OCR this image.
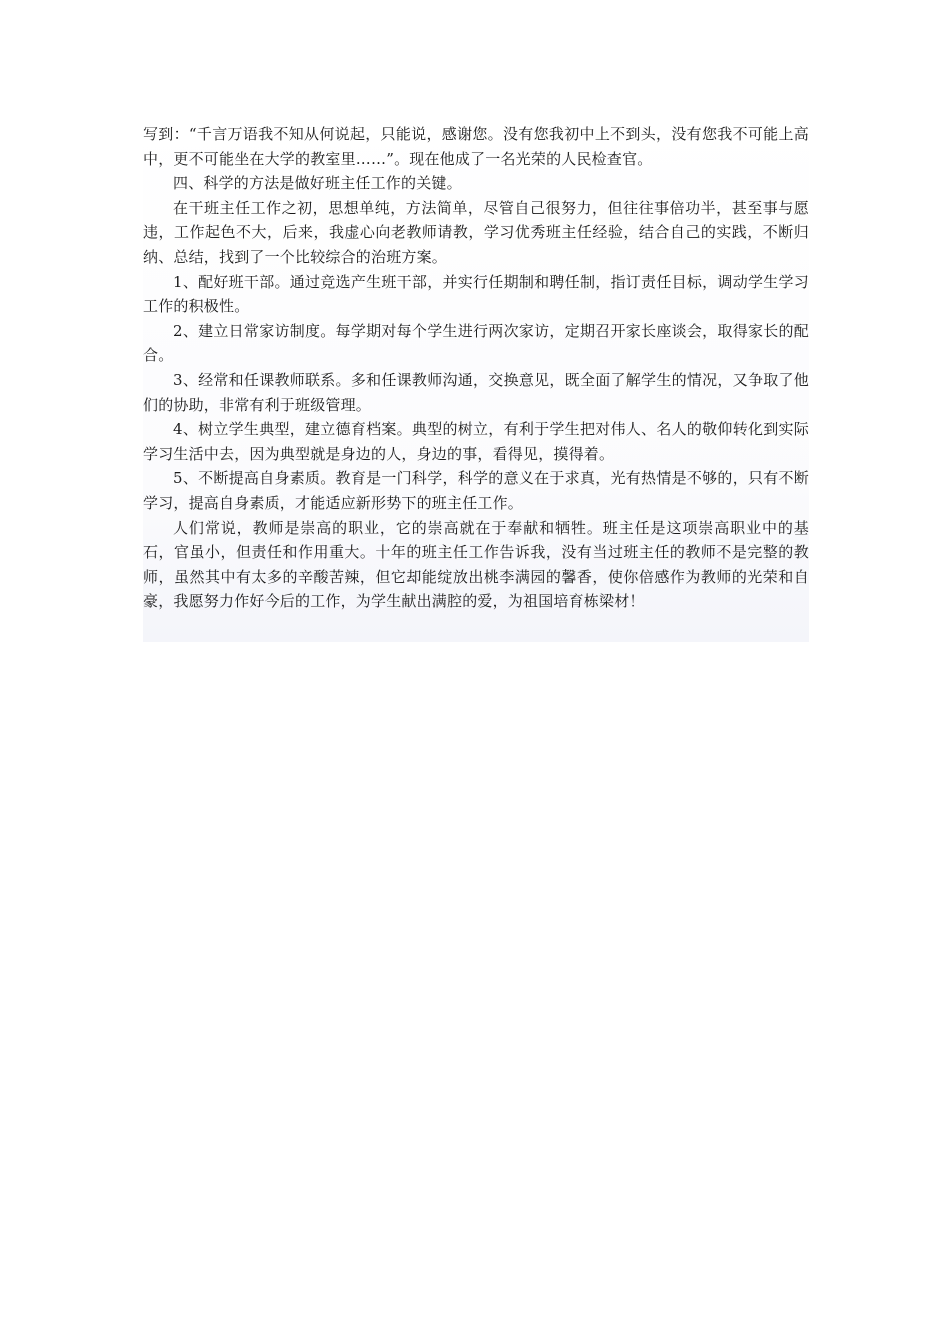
写到：“千言万语我不知从何说起，只能说，感谢您。没有您我初中上不到头，没有您我不可能上高中，更不可能坐在大学的教室里……”。现在他成了一名光荣的人民检查官。

四、科学的方法是做好班主任工作的关键。

在干班主任工作之初，思想单纯，方法简单，尽管自己很努力，但往往事倍功半，甚至事与愿违，工作起色不大，后来，我虚心向老教师请教，学习优秀班主任经验，结合自己的实践，不断归纳、总结，找到了一个比较综合的治班方案。

1、配好班干部。通过竞选产生班干部，并实行任期制和聘任制，指订责任目标，调动学生学习工作的积极性。

2、建立日常家访制度。每学期对每个学生进行两次家访，定期召开家长座谈会，取得家长的配合。

3、经常和任课教师联系。多和任课教师沟通，交换意见，既全面了解学生的情况，又争取了他们的协助，非常有利于班级管理。

4、树立学生典型，建立德育档案。典型的树立，有利于学生把对伟人、名人的敬仰转化到实际学习生活中去，因为典型就是身边的人，身边的事，看得见，摸得着。

5、不断提高自身素质。教育是一门科学，科学的意义在于求真，光有热情是不够的，只有不断学习，提高自身素质，才能适应新形势下的班主任工作。

人们常说，教师是崇高的职业，它的崇高就在于奉献和牺牲。班主任是这项崇高职业中的基石，官虽小，但责任和作用重大。十年的班主任工作告诉我，没有当过班主任的教师不是完整的教师，虽然其中有太多的辛酸苦辣，但它却能绽放出桃李满园的馨香，使你倍感作为教师的光荣和自豪，我愿努力作好今后的工作，为学生献出满腔的爱，为祖国培育栋梁材！
